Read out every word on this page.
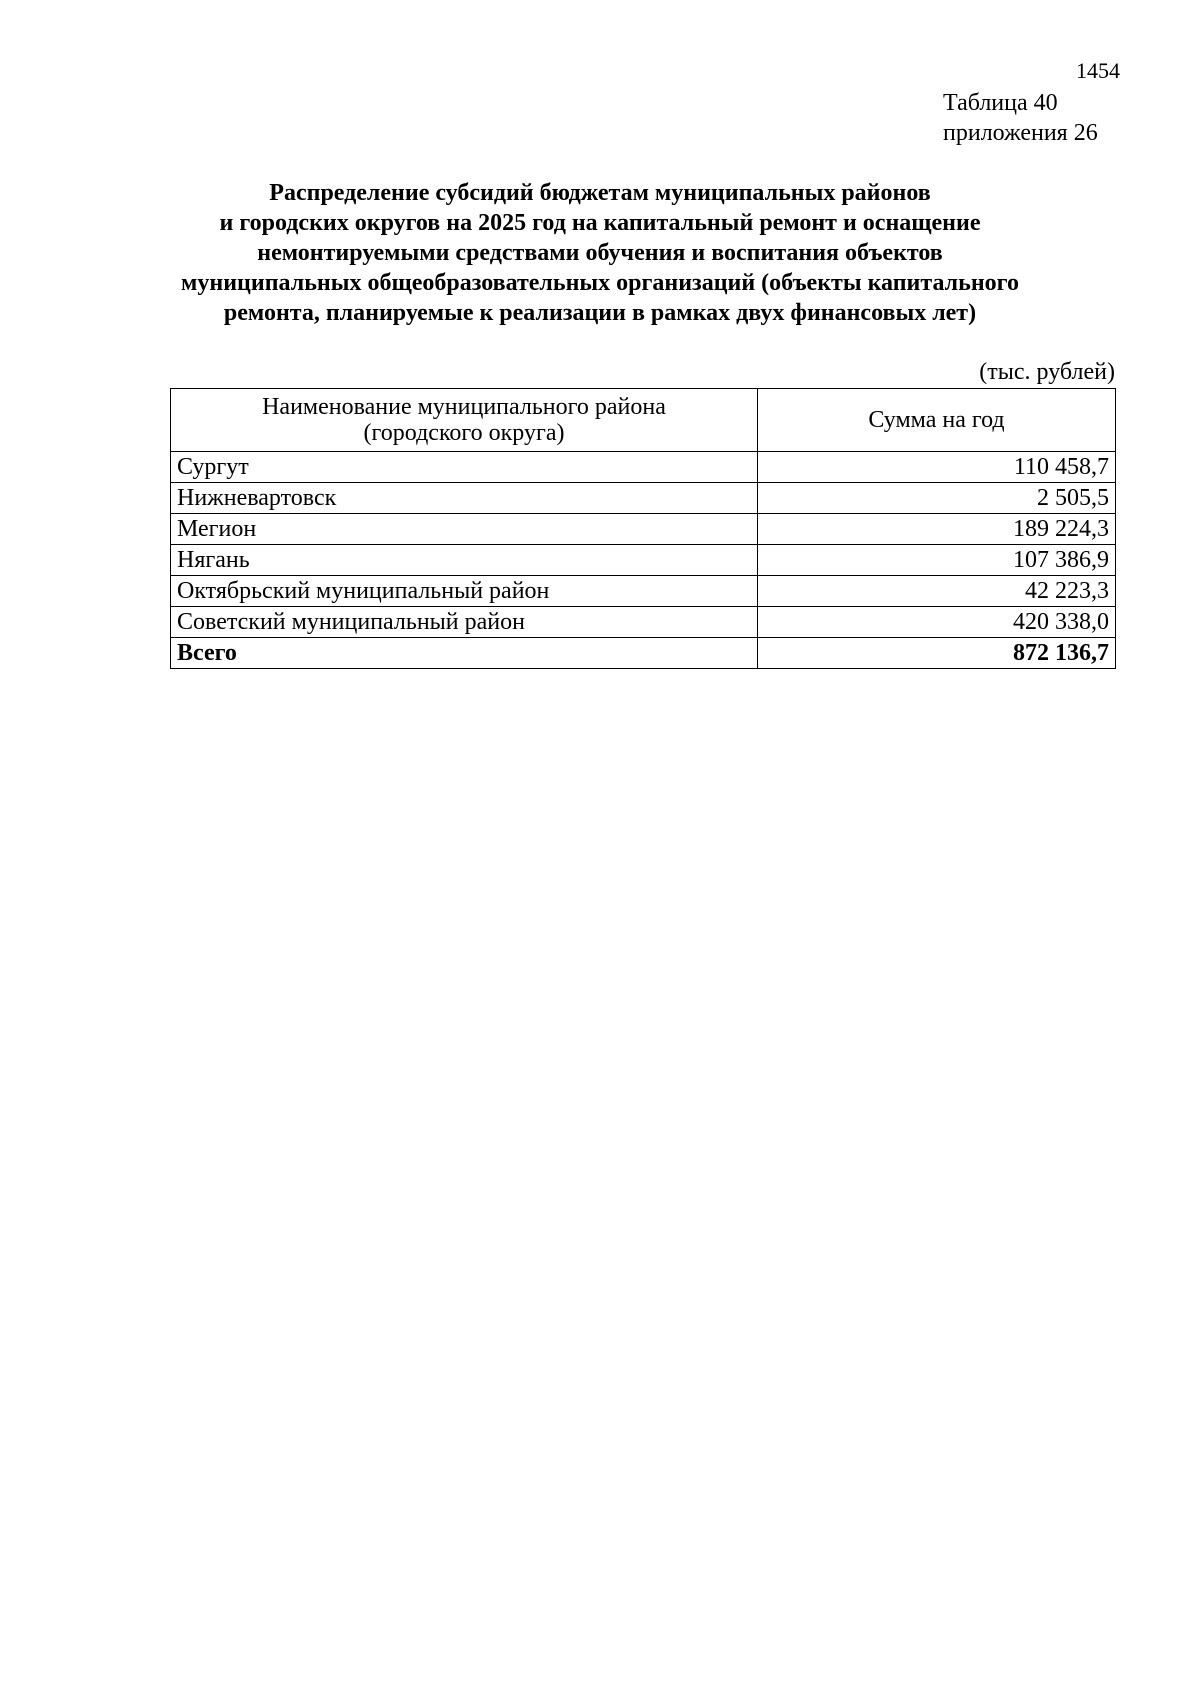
1454
Таблица 40
приложения 26
Распределение субсидий бюджетам муниципальных районов
и городских округов на 2025 год на капитальный ремонт и оснащение
немонтируемыми средствами обучения и воспитания объектов
муниципальных общеобразовательных организаций (объекты капитального
ремонта, планируемые к реализации в рамках двух финансовых лет)
(тыс. рублей)
Наименование муниципального района
(городского округа)	Сумма на год
Сургут	110 458,7
Нижневартовск	2 505,5
Мегион	189 224,3
Нягань	107 386,9
Октябрьский муниципальный район	42 223,3
Советский муниципальный район	420 338,0
Всего	872 136,7
